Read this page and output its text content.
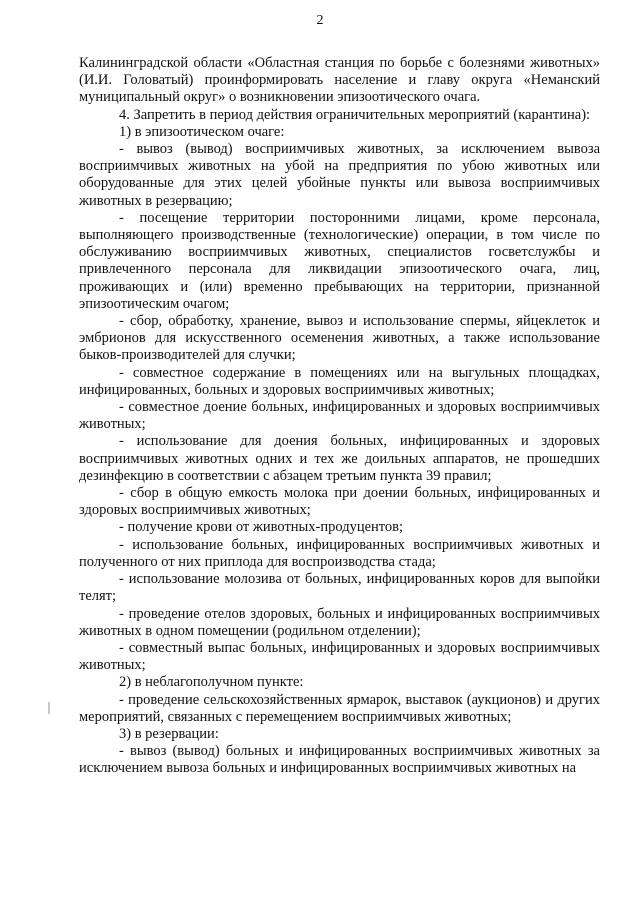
2

Калининградской области «Областная станция по борьбе с болезнями животных» (И.И. Головатый) проинформировать население и главу округа «Неманский муниципальный округ» о возникновении эпизоотического очага.

4. Запретить в период действия ограничительных мероприятий (карантина):

1) в эпизоотическом очаге:

- вывоз (вывод) восприимчивых животных, за исключением вывоза восприимчивых животных на убой на предприятия по убою животных или оборудованные для этих целей убойные пункты или вывоза восприимчивых животных в резервацию;

- посещение территории посторонними лицами, кроме персонала, выполняющего производственные (технологические) операции, в том числе по обслуживанию восприимчивых животных, специалистов госветслужбы и привлеченного персонала для ликвидации эпизоотического очага, лиц, проживающих и (или) временно пребывающих на территории, признанной эпизоотическим очагом;

- сбор, обработку, хранение, вывоз и использование спермы, яйцеклеток и эмбрионов для искусственного осеменения животных, а также использование быков-производителей для случки;

- совместное содержание в помещениях или на выгульных площадках, инфицированных, больных и здоровых восприимчивых животных;

- совместное доение больных, инфицированных и здоровых восприимчивых животных;

- использование для доения больных, инфицированных и здоровых восприимчивых животных одних и тех же доильных аппаратов, не прошедших дезинфекцию в соответствии с абзацем третьим пункта 39 правил;

- сбор в общую емкость молока при доении больных, инфицированных и здоровых восприимчивых животных;

- получение крови от животных-продуцентов;

- использование больных, инфицированных восприимчивых животных и полученного от них приплода для воспроизводства стада;

- использование молозива от больных, инфицированных коров для выпойки телят;

- проведение отелов здоровых, больных и инфицированных восприимчивых животных в одном помещении (родильном отделении);

- совместный выпас больных, инфицированных и здоровых восприимчивых животных;

2) в неблагополучном пункте:

- проведение сельскохозяйственных ярмарок, выставок (аукционов) и других мероприятий, связанных с перемещением восприимчивых животных;

3) в резервации:

- вывоз (вывод) больных и инфицированных восприимчивых животных за исключением вывоза больных и инфицированных восприимчивых животных на
